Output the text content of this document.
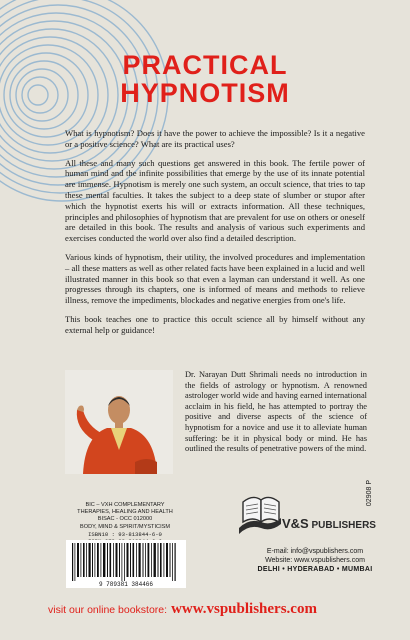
PRACTICAL
HYPNOTISM

What is hypnotism? Does it have the power to achieve the impossible? Is it a negative or a positive science? What are its practical uses?

All these and many such questions get answered in this book. The fertile power of human mind and the infinite possibilities that emerge by the use of its innate potential are immense. Hypnotism is merely one such system, an occult science, that tries to tap these mental faculties. It takes the subject to a deep state of slumber or stupor after which the hypnotist exerts his will or extracts information. All these techniques, principles and philosophies of hypnotism that are prevalent for use on others or oneself are detailed in this book. The results and analysis of various such experiments and exercises conducted the world over also find a detailed description.

Various kinds of hypnotism, their utility, the involved procedures and implementation – all these matters as well as other related facts have been explained in a lucid and well illustrated manner in this book so that even a layman can understand it well. As one progresses through its chapters, one is informed of means and methods to relieve illness, remove the impediments, blockades and negative energies from one's life.

This book teaches one to practice this occult science all by himself without any external help or guidance!

Dr. Narayan Dutt Shrimali needs no introduction in the fields of astrology or hypnotism. A renowned astrologer world wide and having earned international acclaim in his field, he has attempted to portray the positive and diverse aspects of the science of hypnotism for a novice and use it to alleviate human suffering: be it in physical body or mind. He has outlined the results of penetrative powers of the mind.
BIC – VXH COMPLEMENTARY
THERAPIES, HEALING AND HEALTH
BISAC - OCC 012000
BODY, MIND & SPIRIT/MYSTICISM
ISBN10 : 93-813844-6-0
9 789381 384466
02908 P
V&S PUBLISHERS
E-mail: info@vspublishers.com
Website: www.vspublishers.com
DELHI • HYDERABAD • MUMBAI
visit our online bookstore: www.vspublishers.com
